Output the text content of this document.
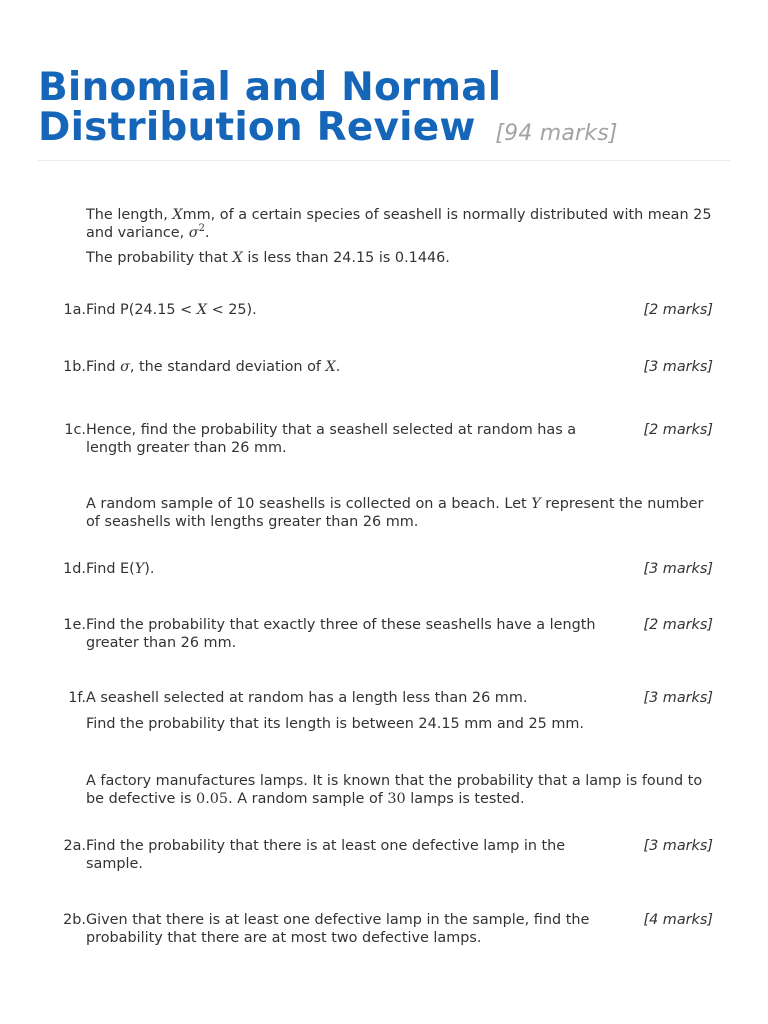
Binomial and Normal Distribution Review [94 marks]

The length, Xmm, of a certain species of seashell is normally distributed with mean 25 and variance, $\sigma^2$.

The probability that X is less than 24.15 is 0.1446.

1a. Find P(24.15 < X < 25).	[2 marks]
1b. Find σ, the standard deviation of X.	[3 marks]
1c. Hence, find the probability that a seashell selected at random has a length greater than 26 mm.
[2 marks]

A random sample of 10 seashells is collected on a beach. Let Y represent the number of seashells with lengths greater than 26 mm.

1d. Find E(Y).	[3 marks]
1e. Find the probability that exactly three of these seashells have a length greater than 26 mm.
[2 marks]
1f. A seashell selected at random has a length less than 26 mm.

Find the probability that its length is between 24.15 mm and 25 mm.

[3 marks]

A factory manufactures lamps. It is known that the probability that a lamp is found to be defective is 0.05. A random sample of 30 lamps is tested.

2a. Find the probability that there is at least one defective lamp in the sample.
[3 marks]
2b. Given that there is at least one defective lamp in the sample, find the probability that there are at most two defective lamps.
[4 marks]
